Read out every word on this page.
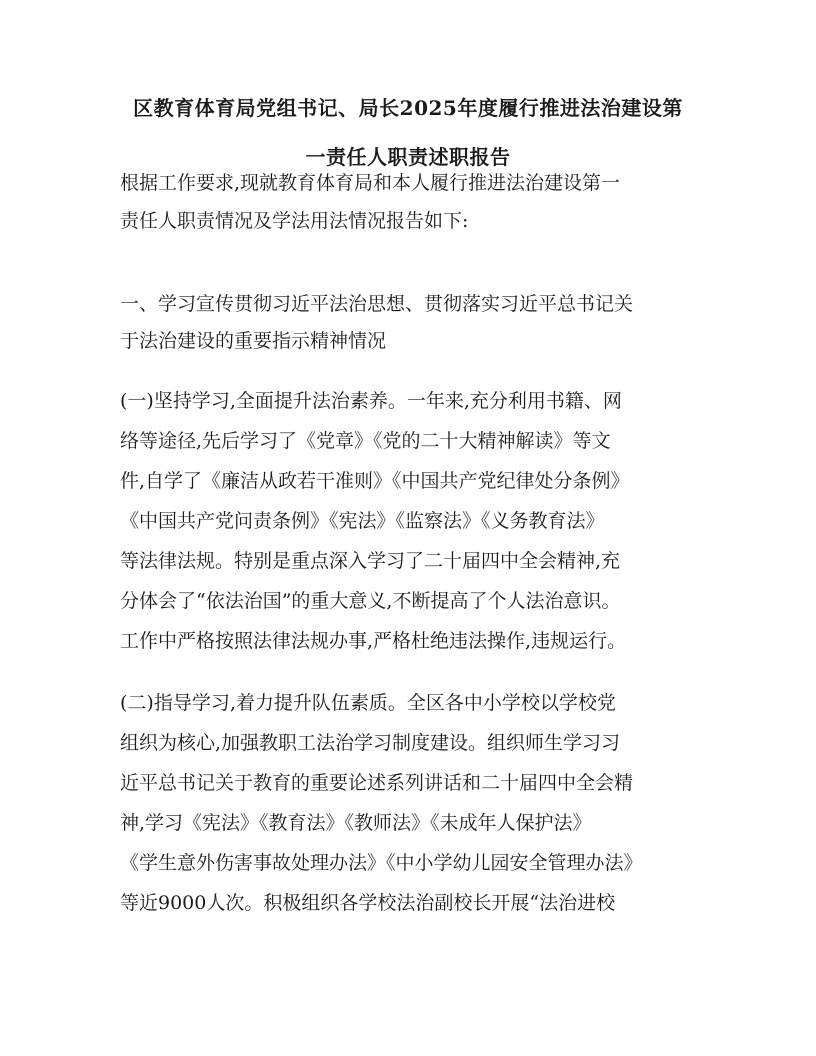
区教育体育局党组书记、局长2025年度履行推进法治建设第
一责任人职责述职报告
根据工作要求,现就教育体育局和本人履行推进法治建设第一
责任人职责情况及学法用法情况报告如下:
一、学习宣传贯彻习近平法治思想、贯彻落实习近平总书记关
于法治建设的重要指示精神情况
(一)坚持学习,全面提升法治素养。一年来,充分利用书籍、网
络等途径,先后学习了《党章》《党的二十大精神解读》等文
件,自学了《廉洁从政若干准则》《中国共产党纪律处分条例》
《中国共产党问责条例》《宪法》《监察法》《义务教育法》
等法律法规。特别是重点深入学习了二十届四中全会精神,充
分体会了“依法治国”的重大意义,不断提高了个人法治意识。
工作中严格按照法律法规办事,严格杜绝违法操作,违规运行。
(二)指导学习,着力提升队伍素质。全区各中小学校以学校党
组织为核心,加强教职工法治学习制度建设。组织师生学习习
近平总书记关于教育的重要论述系列讲话和二十届四中全会精
神,学习《宪法》《教育法》《教师法》《未成年人保护法》
《学生意外伤害事故处理办法》《中小学幼儿园安全管理办法》
等近9000人次。积极组织各学校法治副校长开展“法治进校
